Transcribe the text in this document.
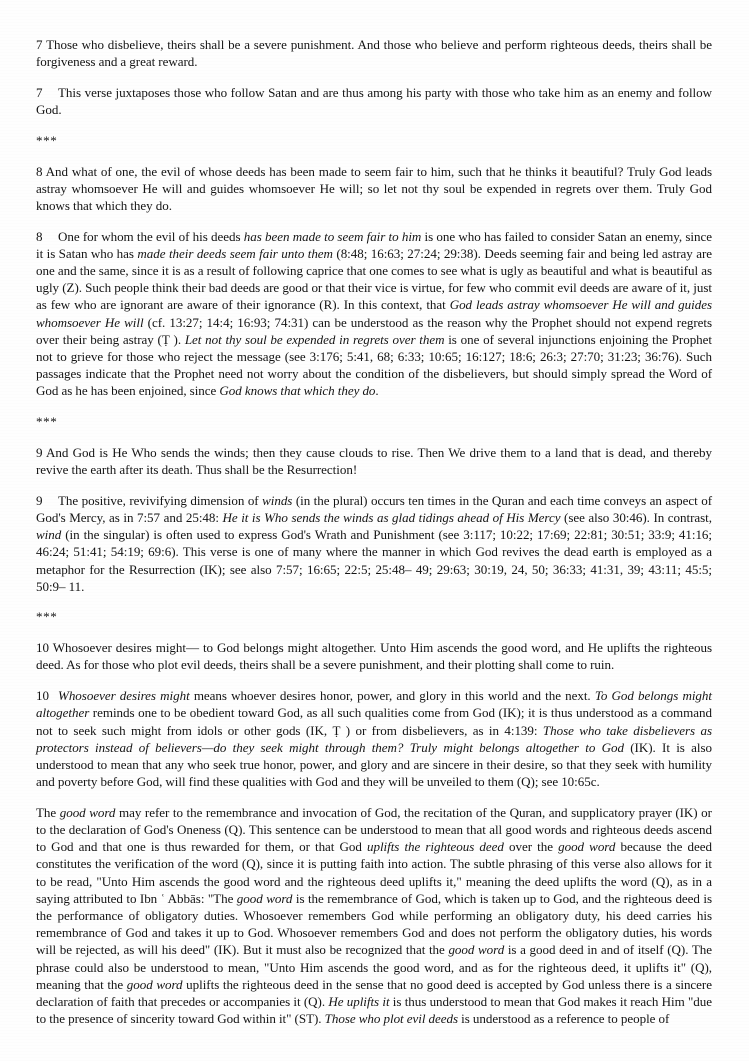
7 Those who disbelieve, theirs shall be a severe punishment. And those who believe and perform righteous deeds, theirs shall be forgiveness and a great reward.

7 This verse juxtaposes those who follow Satan and are thus among his party with those who take him as an enemy and follow God.

***

8 And what of one, the evil of whose deeds has been made to seem fair to him, such that he thinks it beautiful? Truly God leads astray whomsoever He will and guides whomsoever He will; so let not thy soul be expended in regrets over them. Truly God knows that which they do.

8 One for whom the evil of his deeds has been made to seem fair to him is one who has failed to consider Satan an enemy, since it is Satan who has made their deeds seem fair unto them (8:48; 16:63; 27:24; 29:38). Deeds seeming fair and being led astray are one and the same, since it is as a result of following caprice that one comes to see what is ugly as beautiful and what is beautiful as ugly (Z). Such people think their bad deeds are good or that their vice is virtue, for few who commit evil deeds are aware of it, just as few who are ignorant are aware of their ignorance (R). In this context, that God leads astray whomsoever He will and guides whomsoever He will (cf. 13:27; 14:4; 16:93; 74:31) can be understood as the reason why the Prophet should not expend regrets over their being astray (Ṭ ). Let not thy soul be expended in regrets over them is one of several injunctions enjoining the Prophet not to grieve for those who reject the message (see 3:176; 5:41, 68; 6:33; 10:65; 16:127; 18:6; 26:3; 27:70; 31:23; 36:76). Such passages indicate that the Prophet need not worry about the condition of the disbelievers, but should simply spread the Word of God as he has been enjoined, since God knows that which they do.

***

9 And God is He Who sends the winds; then they cause clouds to rise. Then We drive them to a land that is dead, and thereby revive the earth after its death. Thus shall be the Resurrection!

9 The positive, revivifying dimension of winds (in the plural) occurs ten times in the Quran and each time conveys an aspect of God's Mercy, as in 7:57 and 25:48: He it is Who sends the winds as glad tidings ahead of His Mercy (see also 30:46). In contrast, wind (in the singular) is often used to express God's Wrath and Punishment (see 3:117; 10:22; 17:69; 22:81; 30:51; 33:9; 41:16; 46:24; 51:41; 54:19; 69:6). This verse is one of many where the manner in which God revives the dead earth is employed as a metaphor for the Resurrection (IK); see also 7:57; 16:65; 22:5; 25:48– 49; 29:63; 30:19, 24, 50; 36:33; 41:31, 39; 43:11; 45:5; 50:9– 11.

***

10 Whosoever desires might— to God belongs might altogether. Unto Him ascends the good word, and He uplifts the righteous deed. As for those who plot evil deeds, theirs shall be a severe punishment, and their plotting shall come to ruin.

10 Whosoever desires might means whoever desires honor, power, and glory in this world and the next. To God belongs might altogether reminds one to be obedient toward God, as all such qualities come from God (IK); it is thus understood as a command not to seek such might from idols or other gods (IK, Ṭ ) or from disbelievers, as in 4:139: Those who take disbelievers as protectors instead of believers—do they seek might through them? Truly might belongs altogether to God (IK). It is also understood to mean that any who seek true honor, power, and glory and are sincere in their desire, so that they seek with humility and poverty before God, will find these qualities with God and they will be unveiled to them (Q); see 10:65c.

The good word may refer to the remembrance and invocation of God, the recitation of the Quran, and supplicatory prayer (IK) or to the declaration of God's Oneness (Q). This sentence can be understood to mean that all good words and righteous deeds ascend to God and that one is thus rewarded for them, or that God uplifts the righteous deed over the good word because the deed constitutes the verification of the word (Q), since it is putting faith into action. The subtle phrasing of this verse also allows for it to be read, "Unto Him ascends the good word and the righteous deed uplifts it," meaning the deed uplifts the word (Q), as in a saying attributed to Ibn ʿ Abbās: "The good word is the remembrance of God, which is taken up to God, and the righteous deed is the performance of obligatory duties. Whosoever remembers God while performing an obligatory duty, his deed carries his remembrance of God and takes it up to God. Whosoever remembers God and does not perform the obligatory duties, his words will be rejected, as will his deed" (IK). But it must also be recognized that the good word is a good deed in and of itself (Q). The phrase could also be understood to mean, "Unto Him ascends the good word, and as for the righteous deed, it uplifts it" (Q), meaning that the good word uplifts the righteous deed in the sense that no good deed is accepted by God unless there is a sincere declaration of faith that precedes or accompanies it (Q). He uplifts it is thus understood to mean that God makes it reach Him "due to the presence of sincerity toward God within it" (ST). Those who plot evil deeds is understood as a reference to people of
